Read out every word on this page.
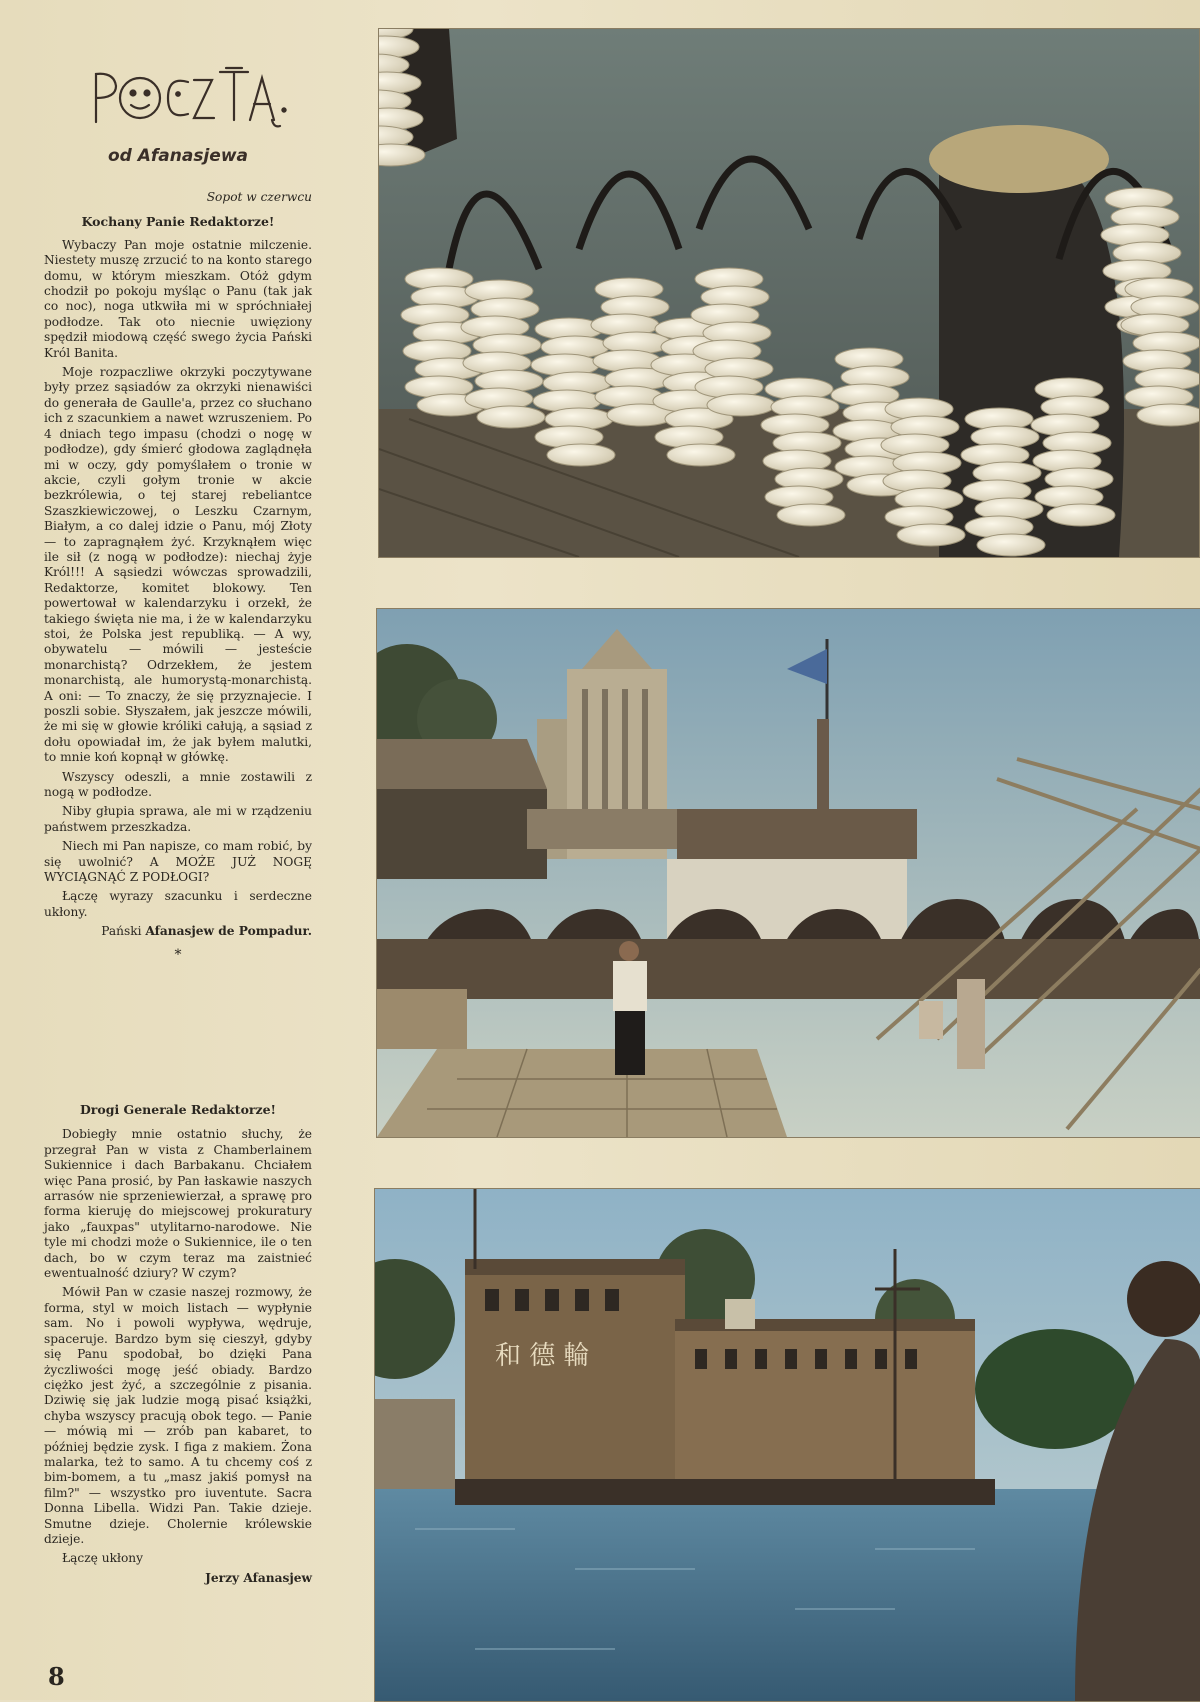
od Afanasjewa
Sopot w czerwcu
Kochany Panie Redaktorze!

Wybaczy Pan moje ostatnie milczenie. Niestety muszę zrzucić to na konto starego domu, w którym mieszkam. Otóż gdym chodził po pokoju myśląc o Panu (tak jak co noc), noga utkwiła mi w spróchniałej podłodze. Tak oto niecnie uwięziony spędził miodową część swego życia Pański Król Banita.

Moje rozpaczliwe okrzyki poczytywane były przez sąsiadów za okrzyki nienawiści do generała de Gaulle'a, przez co słuchano ich z szacunkiem a nawet wzruszeniem. Po 4 dniach tego impasu (chodzi o nogę w podłodze), gdy śmierć głodowa zaglądnęła mi w oczy, gdy pomyślałem o tronie w akcie, czyli gołym tronie w akcie bezkrólewia, o tej starej rebeliantce Szaszkiewiczowej, o Leszku Czarnym, Białym, a co dalej idzie o Panu, mój Złoty — to zapragnąłem żyć. Krzyknąłem więc ile sił (z nogą w podłodze): niechaj żyje Król!!! A sąsiedzi wówczas sprowadzili, Redaktorze, komitet blokowy. Ten powertował w kalendarzyku i orzekł, że takiego święta nie ma, i że w kalendarzyku stoi, że Polska jest republiką. — A wy, obywatelu — mówili — jesteście monarchistą? Odrzekłem, że jestem monarchistą, ale humorystą-monarchistą. A oni: — To znaczy, że się przyznajecie. I poszli sobie. Słyszałem, jak jeszcze mówili, że mi się w głowie króliki całują, a sąsiad z dołu opowiadał im, że jak byłem malutki, to mnie koń kopnął w główkę.

Wszyscy odeszli, a mnie zostawili z nogą w podłodze.

Niby głupia sprawa, ale mi w rządzeniu państwem przeszkadza.

Niech mi Pan napisze, co mam robić, by się uwolnić? A MOŻE JUŻ NOGĘ WYCIĄGNĄĆ Z PODŁOGI?

Łączę wyrazy szacunku i serdeczne ukłony.

Pański Afanasjew de Pompadur.
*
Drogi Generale Redaktorze!

Dobiegły mnie ostatnio słuchy, że przegrał Pan w vista z Chamberlainem Sukiennice i dach Barbakanu. Chciałem więc Pana prosić, by Pan łaskawie naszych arrasów nie sprzeniewierzał, a sprawę pro forma kieruję do miejscowej prokuratury jako „fauxpas" utylitarno-narodowe. Nie tyle mi chodzi może o Sukiennice, ile o ten dach, bo w czym teraz ma zaistnieć ewentualność dziury? W czym?

Mówił Pan w czasie naszej rozmowy, że forma, styl w moich listach — wypłynie sam. No i powoli wypływa, wędruje, spaceruje. Bardzo bym się cieszył, gdyby się Panu spodobał, bo dzięki Pana życzliwości mogę jeść obiady. Bardzo ciężko jest żyć, a szczególnie z pisania. Dziwię się jak ludzie mogą pisać książki, chyba wszyscy pracują obok tego. — Panie — mówią mi — zrób pan kabaret, to później będzie zysk. I figa z makiem. Żona malarka, też to samo. A tu chcemy coś z bim-bomem, a tu „masz jakiś pomysł na film?" — wszystko pro iuventute. Sacra Donna Libella. Widzi Pan. Takie dzieje. Smutne dzieje. Cholernie królewskie dzieje.

Łączę ukłony

Jerzy Afanasjew
8
和 德 輪
